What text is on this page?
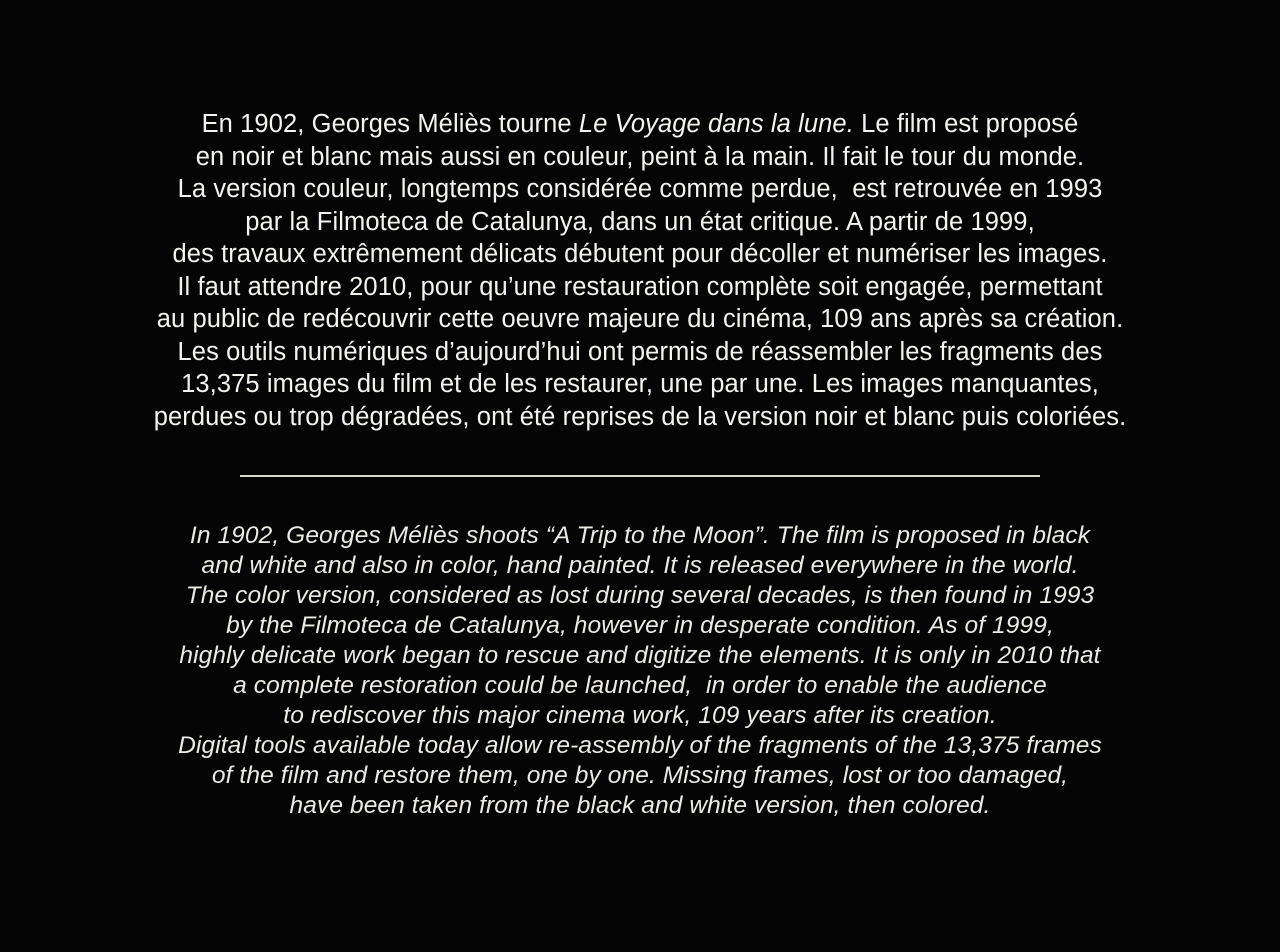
En 1902, Georges Méliès tourne Le Voyage dans la lune. Le film est proposé
en noir et blanc mais aussi en couleur, peint à la main. Il fait le tour du monde.
La version couleur, longtemps considérée comme perdue,  est retrouvée en 1993
par la Filmoteca de Catalunya, dans un état critique. A partir de 1999,
des travaux extrêmement délicats débutent pour décoller et numériser les images.
Il faut attendre 2010, pour qu’une restauration complète soit engagée, permettant
au public de redécouvrir cette oeuvre majeure du cinéma, 109 ans après sa création.
Les outils numériques d’aujourd’hui ont permis de réassembler les fragments des
13,375 images du film et de les restaurer, une par une. Les images manquantes,
perdues ou trop dégradées, ont été reprises de la version noir et blanc puis coloriées.
In 1902, Georges Méliès shoots “A Trip to the Moon”. The film is proposed in black
and white and also in color, hand painted. It is released everywhere in the world.
The color version, considered as lost during several decades, is then found in 1993
by the Filmoteca de Catalunya, however in desperate condition. As of 1999,
highly delicate work began to rescue and digitize the elements. It is only in 2010 that
a complete restoration could be launched,  in order to enable the audience
to rediscover this major cinema work, 109 years after its creation.
Digital tools available today allow re-assembly of the fragments of the 13,375 frames
of the film and restore them, one by one. Missing frames, lost or too damaged,
have been taken from the black and white version, then colored.
